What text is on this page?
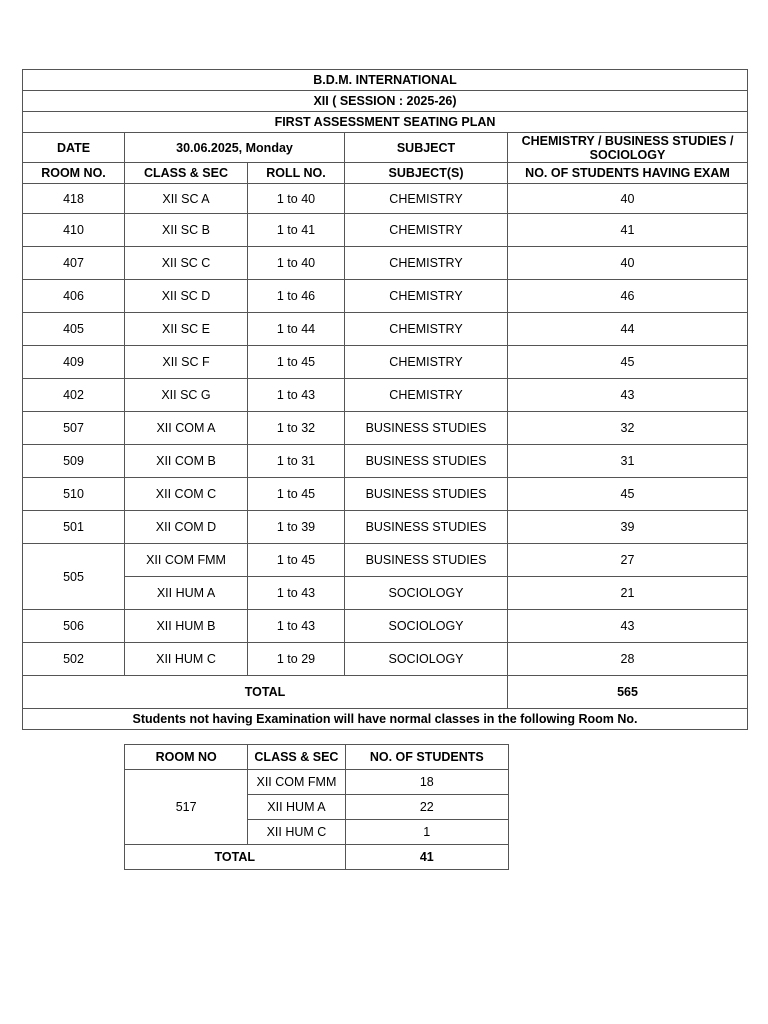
B.D.M. INTERNATIONAL				
XII ( SESSION : 2025-26)				
FIRST ASSESSMENT SEATING PLAN				
DATE	30.06.2025, Monday		SUBJECT	CHEMISTRY / BUSINESS STUDIES / SOCIOLOGY
ROOM NO.	CLASS & SEC	ROLL NO.	SUBJECT(S)	NO. OF STUDENTS HAVING EXAM
418	XII SC A	1 to 40	CHEMISTRY	40
410	XII SC B	1 to 41	CHEMISTRY	41
407	XII SC C	1 to 40	CHEMISTRY	40
406	XII SC D	1 to 46	CHEMISTRY	46
405	XII SC E	1 to 44	CHEMISTRY	44
409	XII SC F	1 to 45	CHEMISTRY	45
402	XII SC G	1 to 43	CHEMISTRY	43
507	XII COM A	1 to 32	BUSINESS STUDIES	32
509	XII COM B	1 to 31	BUSINESS STUDIES	31
510	XII COM C	1 to 45	BUSINESS STUDIES	45
501	XII COM D	1 to 39	BUSINESS STUDIES	39
505	XII COM FMM	1 to 45	BUSINESS STUDIES	27
	XII HUM A	1 to 43	SOCIOLOGY	21
506	XII HUM B	1 to 43	SOCIOLOGY	43
502	XII HUM C	1 to 29	SOCIOLOGY	28
TOTAL				565
Students not having Examination will have normal classes in the following Room No.				
ROOM NO	CLASS & SEC	NO. OF STUDENTS
517	XII COM FMM	18
	XII HUM A	22
	XII HUM C	1
TOTAL		41
